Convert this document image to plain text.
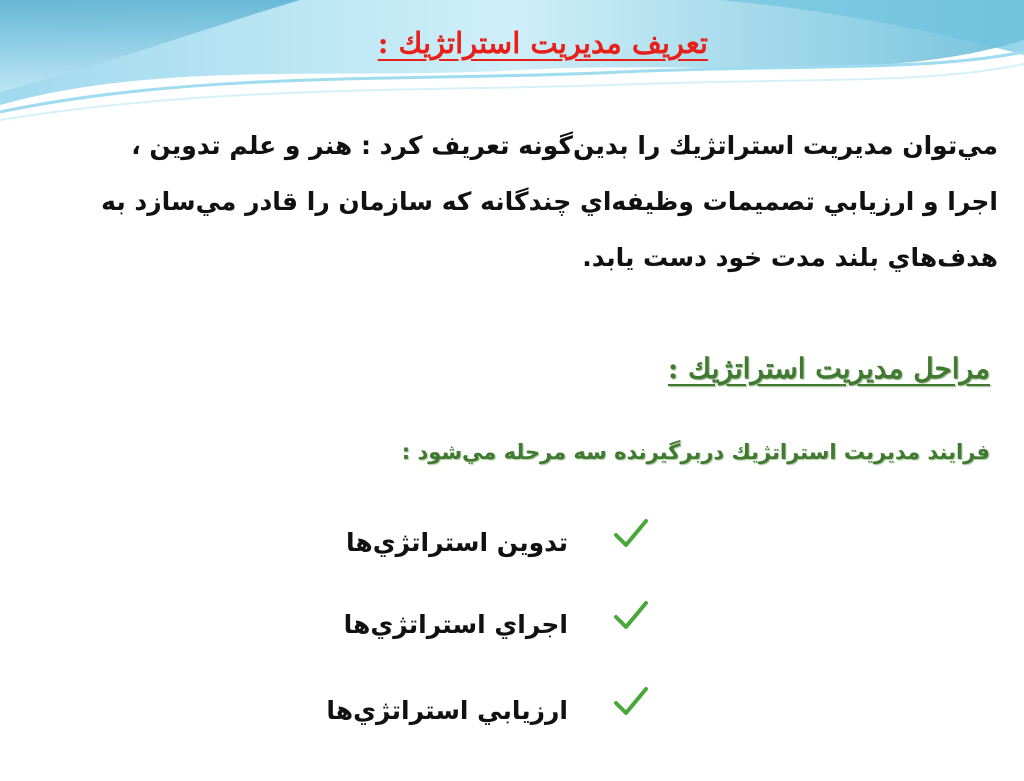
تعريف مديريت استراتژيك :
مي‌توان مديريت استراتژيك را بدين‌گونه تعريف كرد : هنر و علم تدوين ،
اجرا و ارزيابي تصميمات وظيفه‌اي چندگانه كه سازمان را قادر مي‌سازد به
هدف‌هاي بلند مدت خود دست يابد.
مراحل مديريت استراتژيك :
فرايند مديريت استراتژيك دربرگيرنده سه مرحله مي‌شود :
تدوين استراتژي‌ها
اجراي استراتژي‌ها
ارزيابي استراتژي‌ها
